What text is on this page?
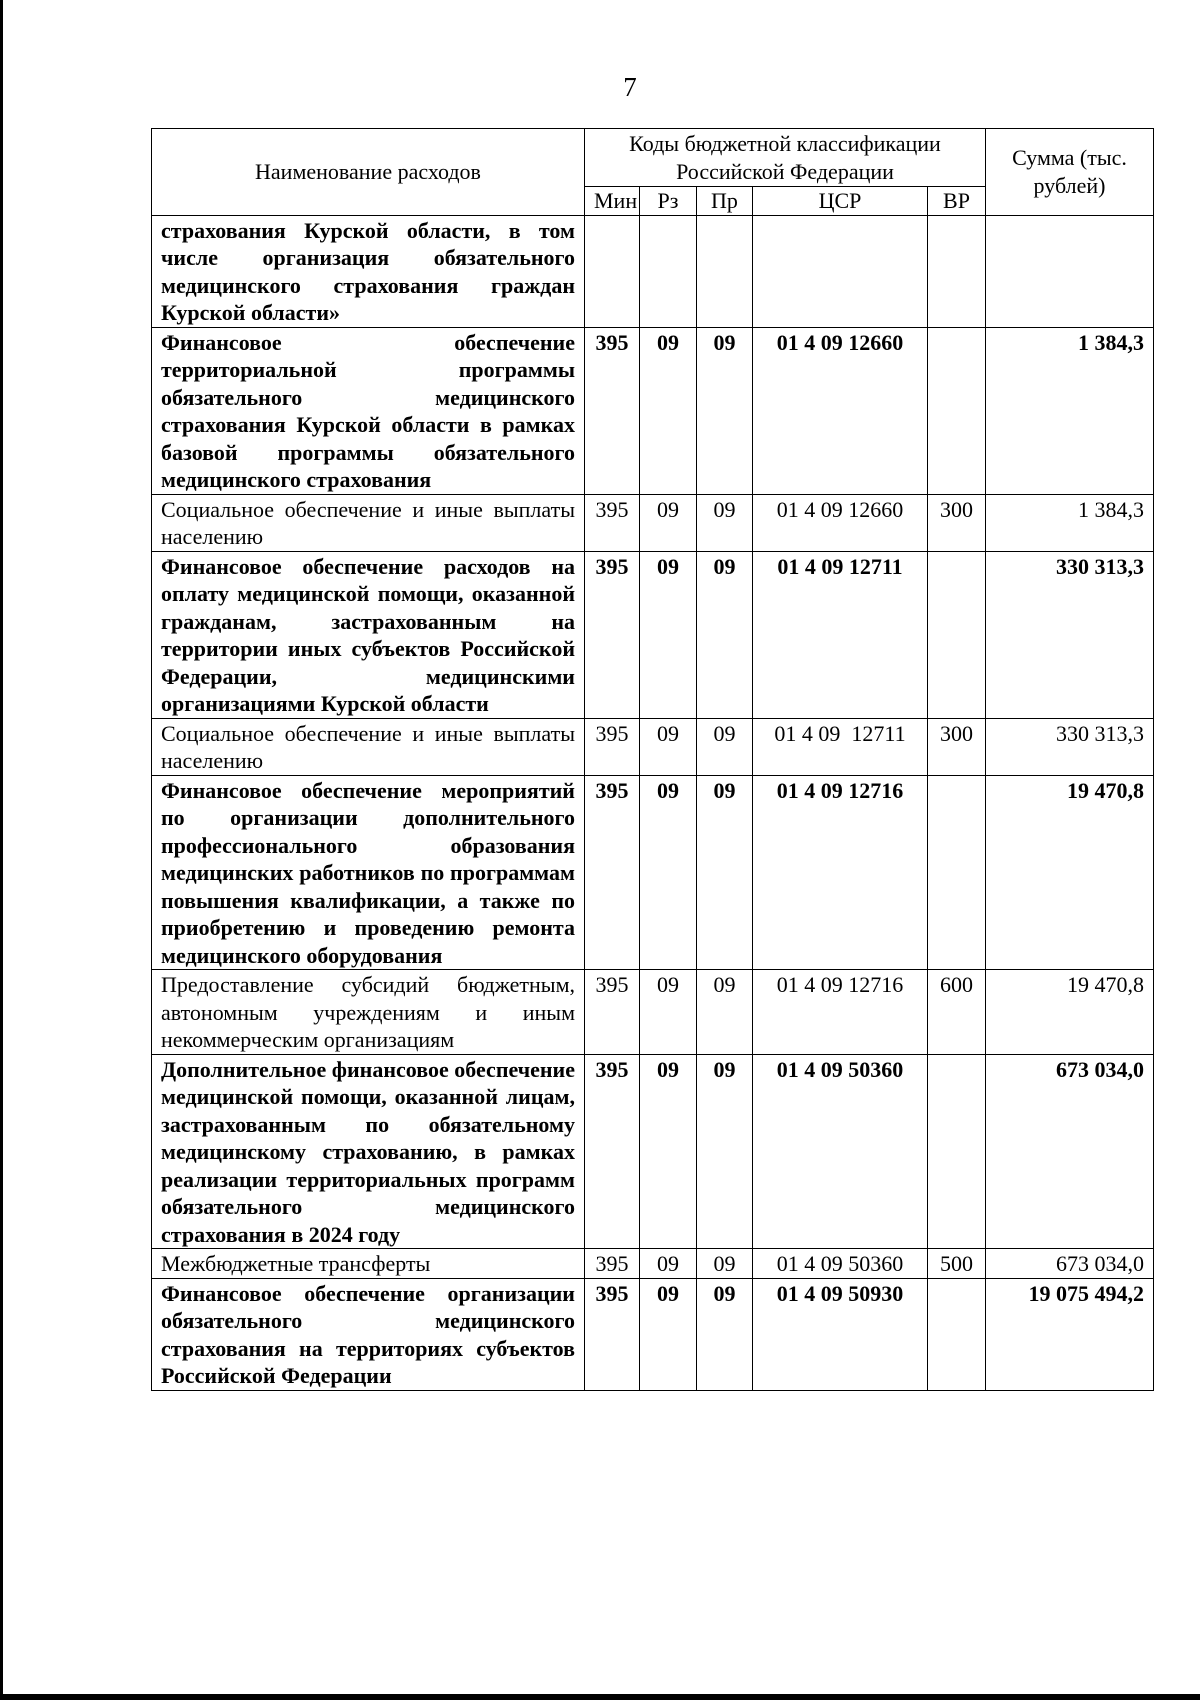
7
Наименование расходов	Коды бюджетной классификации Российской Федерации					Сумма (тыс. рублей)
	Мин	Рз	Пр	ЦСР	ВР	
страхования Курской области, в том числе организация обязательного медицинского страхования граждан Курской области»						
Финансовое обеспечение территориальной программы обязательного медицинского страхования Курской области в рамках базовой программы обязательного медицинского страхования	395	09	09	01 4 09 12660		1 384,3
Социальное обеспечение и иные выплаты населению	395	09	09	01 4 09 12660	300	1 384,3
Финансовое обеспечение расходов на оплату медицинской помощи, оказанной гражданам, застрахованным на территории иных субъектов Российской Федерации, медицинскими организациями Курской области	395	09	09	01 4 09 12711		330 313,3
Социальное обеспечение и иные выплаты населению	395	09	09	01 4 09  12711	300	330 313,3
Финансовое обеспечение мероприятий по организации дополнительного профессионального образования медицинских работников по программам повышения квалификации, а также по приобретению и проведению ремонта медицинского оборудования	395	09	09	01 4 09 12716		19 470,8
Предоставление субсидий бюджетным, автономным учреждениям и иным некоммерческим организациям	395	09	09	01 4 09 12716	600	19 470,8
Дополнительное финансовое обеспечение медицинской помощи, оказанной лицам, застрахованным по обязательному медицинскому страхованию, в рамках реализации территориальных программ обязательного медицинского страхования в 2024 году	395	09	09	01 4 09 50360		673 034,0
Межбюджетные трансферты	395	09	09	01 4 09 50360	500	673 034,0
Финансовое обеспечение организации обязательного медицинского страхования на территориях субъектов Российской Федерации	395	09	09	01 4 09 50930		19 075 494,2
